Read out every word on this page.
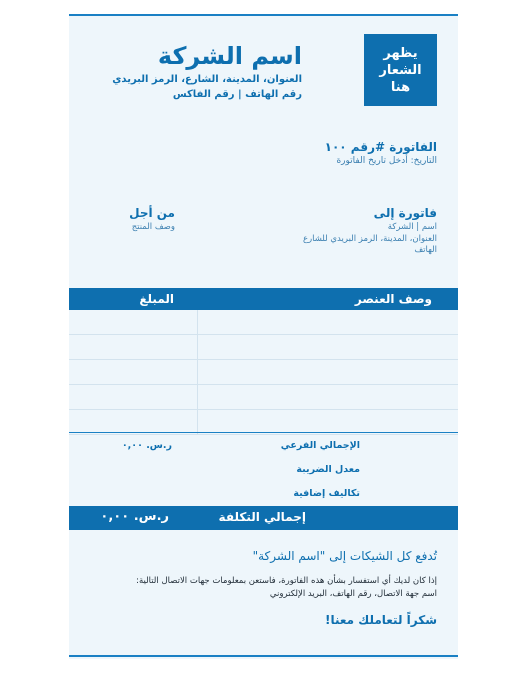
يظهر
الشعار
هنا
اسم الشركة
العنوان، المدينة، الشارع، الرمز البريدي
رقم الهاتف | رقم الفاكس
الفاتورة #رقم ١٠٠
التاريخ: أدخل تاريخ الفاتورة
فاتورة إلى
اسم | الشركة
العنوان، المدينة، الرمز البريدي للشارع
الهاتف
من أجل
وصف المنتج
وصف العنصر
المبلغ
الإجمالي الفرعي
ر.س. ٠,٠٠
معدل الضريبة
تكاليف إضافية
إجمالي التكلفة
ر.س. ٠,٠٠
تُدفع كل الشيكات إلى "اسم الشركة"
إذا كان لديك أي استفسار بشأن هذه الفاتورة، فاستعن بمعلومات جهات الاتصال التالية:
اسم جهة الاتصال، رقم الهاتف، البريد الإلكتروني
شكراً لتعاملك معنا!
